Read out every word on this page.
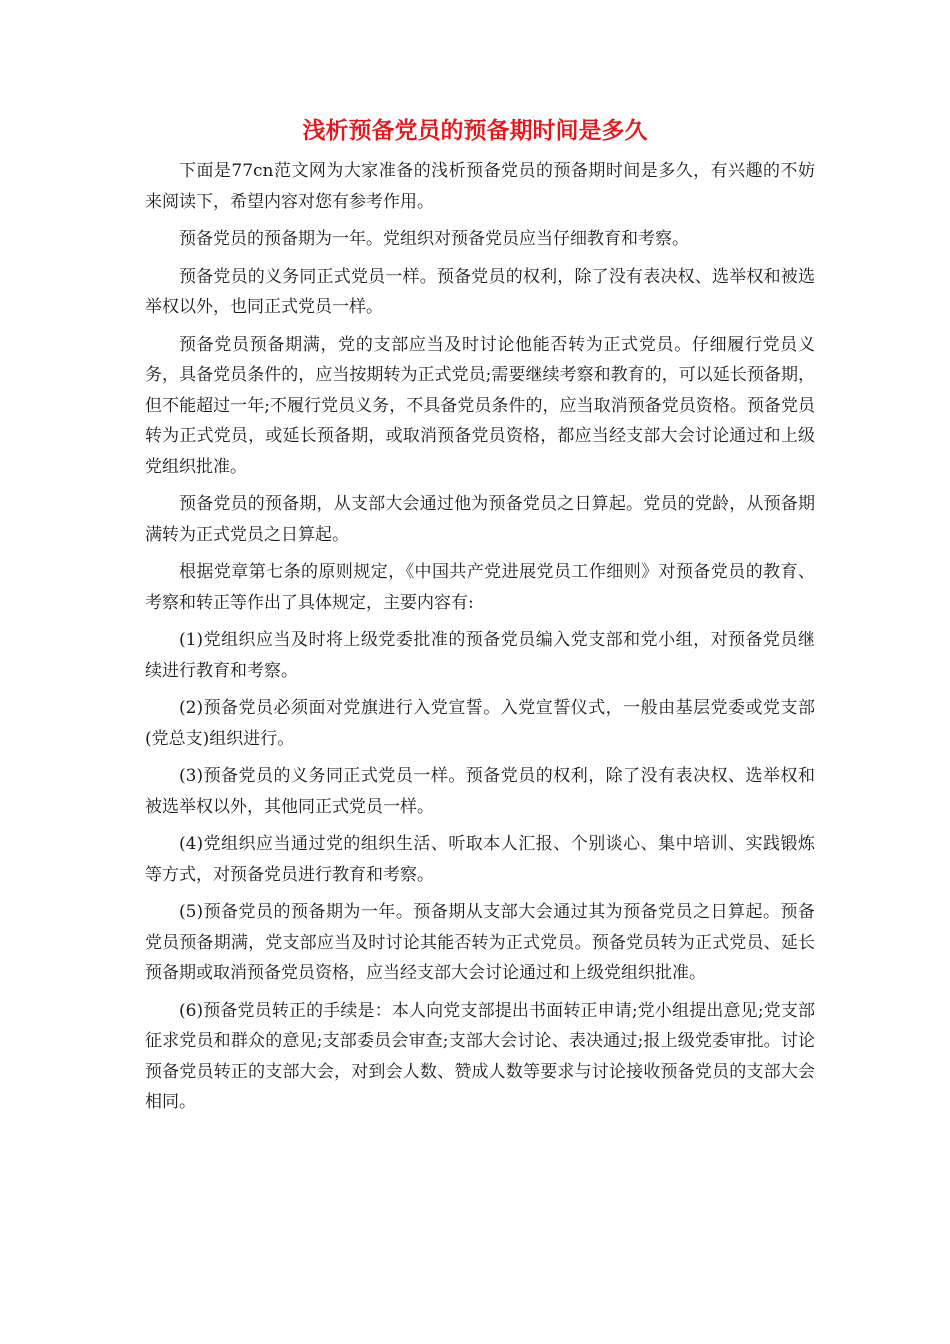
浅析预备党员的预备期时间是多久

下面是77cn范文网为大家准备的浅析预备党员的预备期时间是多久，有兴趣的不妨来阅读下，希望内容对您有参考作用。

预备党员的预备期为一年。党组织对预备党员应当仔细教育和考察。

预备党员的义务同正式党员一样。预备党员的权利，除了没有表决权、选举权和被选举权以外，也同正式党员一样。

预备党员预备期满，党的支部应当及时讨论他能否转为正式党员。仔细履行党员义务，具备党员条件的，应当按期转为正式党员;需要继续考察和教育的，可以延长预备期，但不能超过一年;不履行党员义务，不具备党员条件的，应当取消预备党员资格。预备党员转为正式党员，或延长预备期，或取消预备党员资格，都应当经支部大会讨论通过和上级党组织批准。

预备党员的预备期，从支部大会通过他为预备党员之日算起。党员的党龄，从预备期满转为正式党员之日算起。

根据党章第七条的原则规定，《中国共产党进展党员工作细则》对预备党员的教育、考察和转正等作出了具体规定，主要内容有:

(1)党组织应当及时将上级党委批准的预备党员编入党支部和党小组，对预备党员继续进行教育和考察。

(2)预备党员必须面对党旗进行入党宣誓。入党宣誓仪式，一般由基层党委或党支部(党总支)组织进行。

(3)预备党员的义务同正式党员一样。预备党员的权利，除了没有表决权、选举权和被选举权以外，其他同正式党员一样。

(4)党组织应当通过党的组织生活、听取本人汇报、个别谈心、集中培训、实践锻炼等方式，对预备党员进行教育和考察。

(5)预备党员的预备期为一年。预备期从支部大会通过其为预备党员之日算起。预备党员预备期满，党支部应当及时讨论其能否转为正式党员。预备党员转为正式党员、延长预备期或取消预备党员资格，应当经支部大会讨论通过和上级党组织批准。

(6)预备党员转正的手续是：本人向党支部提出书面转正申请;党小组提出意见;党支部征求党员和群众的意见;支部委员会审查;支部大会讨论、表决通过;报上级党委审批。讨论预备党员转正的支部大会，对到会人数、赞成人数等要求与讨论接收预备党员的支部大会相同。
